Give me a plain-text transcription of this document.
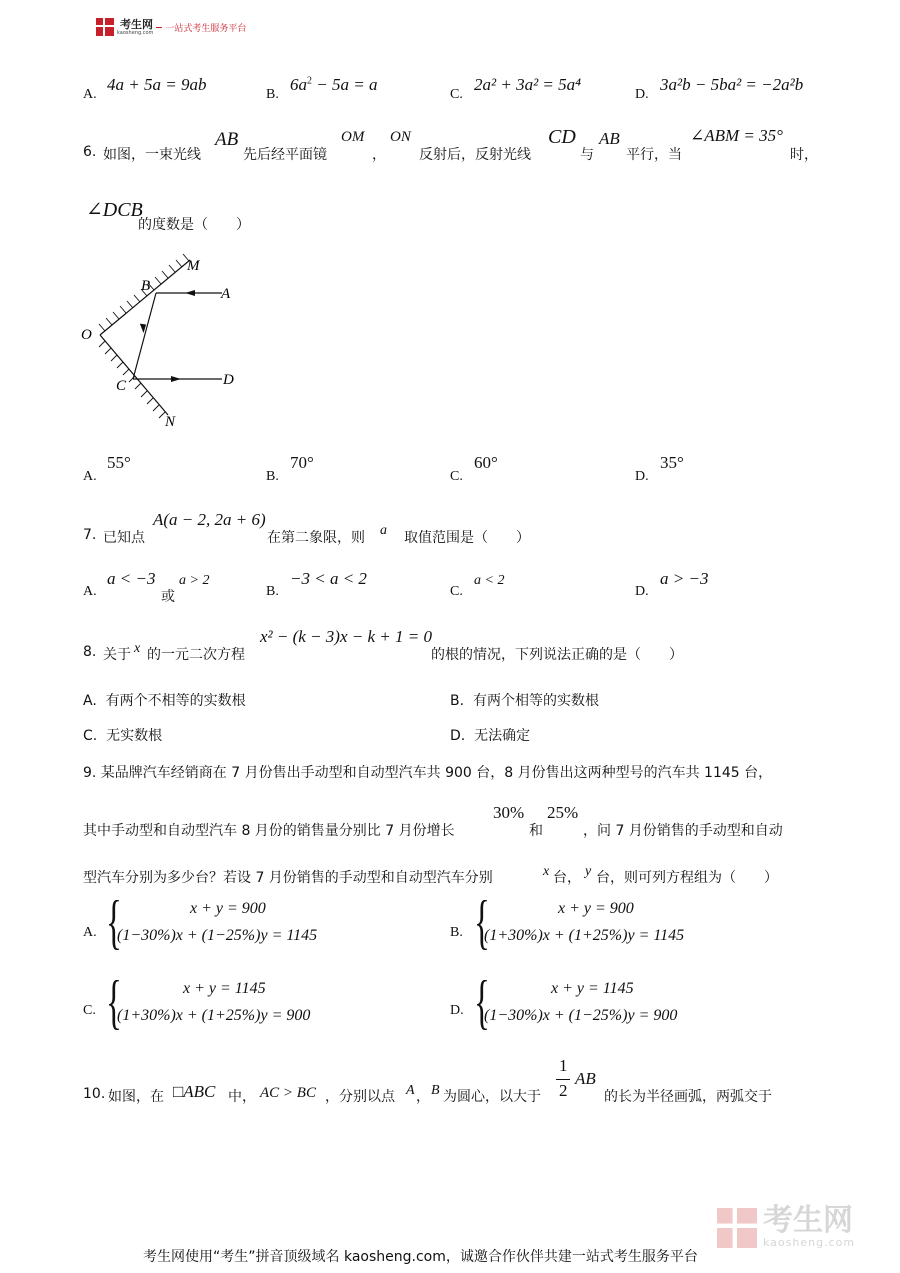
考生网
kaosheng.com 一站式考生服务平台
A.
4a + 5a = 9ab
B.
$6a^2 - 5a = a$
C.
2a² + 3a² = 5a⁴
D.
3a²b − 5ba² = −2a²b
6. 如图，一束光线
AB
先后经平面镜
OM
，
ON
反射后，反射光线
CD
与
AB
平行，当
∠ABM = 35°
时，
∠DCB
的度数是（　　）
M
B	A
O
C	D
N
A.
55°
B.
70°
C.
60°
D.
35°
7. 已知点
A(a − 2, 2a + 6)
在第二象限，则 a 取值范围是（　　）
A.
a < −3
或
a > 2
B.
−3 < a < 2
C.
a < 2
D.
a > −3
8. 关于 x 的一元二次方程
x² − (k − 3)x − k + 1 = 0
的根的情况，下列说法正确的是（　　）
A. 有两个不相等的实数根	B. 有两个相等的实数根
C. 无实数根	D. 无法确定
9. 某品牌汽车经销商在 7 月份售出手动型和自动型汽车共 900 台，8 月份售出这两种型号的汽车共 1145 台，
其中手动型和自动型汽车 8 月份的销售量分别比 7 月份增长
30%
和
25%
，问 7 月份销售的手动型和自动
型汽车分别为多少台？若设 7 月份销售的手动型和自动型汽车分别	x 台， y 台，则可列方程组为（　　）
A. {	x + y = 900
(1−30%)x + (1−25%)y = 1145	B. {	x + y = 900
(1+30%)x + (1+25%)y = 1145
C. {	x + y = 1145
(1+30%)x + (1+25%)y = 900	D. {	x + y = 1145
(1−30%)x + (1−25%)y = 900
10. 如图，在 □ABC 中， AC > BC ，分别以点 A ， B 为圆心，以大于
1
2
AB
的长为半径画弧，两弧交于
考生网
kaosheng.com
考生网使用“考生”拼音顶级域名 kaosheng.com，诚邀合作伙伴共建一站式考生服务平台
